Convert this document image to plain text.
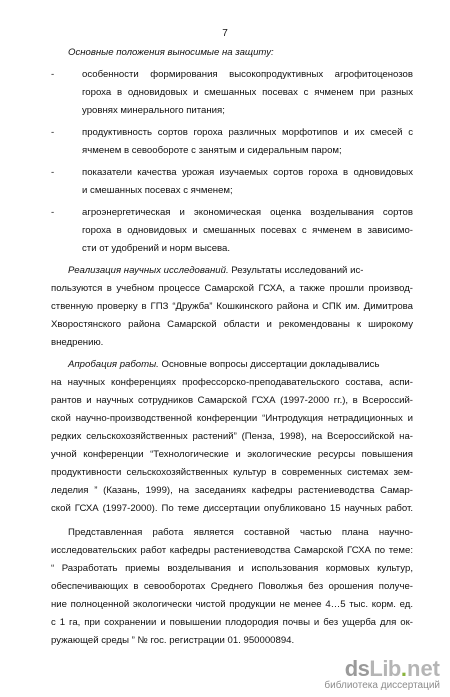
7
Основные положения выносимые на защиту:
-	особенности формирования высокопродуктивных агрофитоценозов
гороха в одновидовых и смешанных посевах с ячменем при разных
уровнях минерального питания;
-	продуктивность сортов гороха различных морфотипов и их смесей с
ячменем в севообороте с занятым и сидеральным паром;
-	показатели качества урожая изучаемых сортов гороха в одновидовых
и смешанных посевах с ячменем;
-	агроэнергетическая и экономическая оценка возделывания сортов
гороха в одновидовых и смешанных посевах с ячменем в зависимо-
сти от удобрений и норм высева.
Реализация научных исследований. Результаты исследований ис-
пользуются в учебном процессе Самарской ГСХА, а также прошли производ-
ственную проверку в ГПЗ “Дружба” Кошкинского района и СПК им. Димитрова
Хворостянского района Самарской области и рекомендованы к широкому
внедрению.
Апробация работы. Основные вопросы диссертации докладывались
на научных конференциях профессорско-преподавательского состава, аспи-
рантов и научных сотрудников Самарской ГСХА (1997-2000 гг.), в Всероссий-
ской научно-производственной конференции “Интродукция нетрадиционных и
редких сельскохозяйственных растений” (Пенза, 1998), на Всероссийской на-
учной конференции “Технологические и экологические ресурсы повышения
продуктивности сельскохозяйственных культур в современных системах зем-
леделия ” (Казань, 1999), на заседаниях кафедры растениеводства Самар-
ской ГСХА (1997-2000). По теме диссертации опубликовано 15 научных работ.
Представленная работа является составной частью плана научно-
исследовательских работ кафедры растениеводства Самарской ГСХА по теме:
“ Разработать приемы возделывания и использования кормовых культур,
обеспечивающих в севооборотах Среднего Поволжья без орошения получе-
ние полноценной экологически чистой продукции не менее 4…5 тыс. корм. ед.
с 1 га, при сохранении и повышении плодородия почвы и без ущерба для ок-
ружающей среды ” № гос. регистрации 01. 950000894.
ds Lib . net
библиотека диссертаций
